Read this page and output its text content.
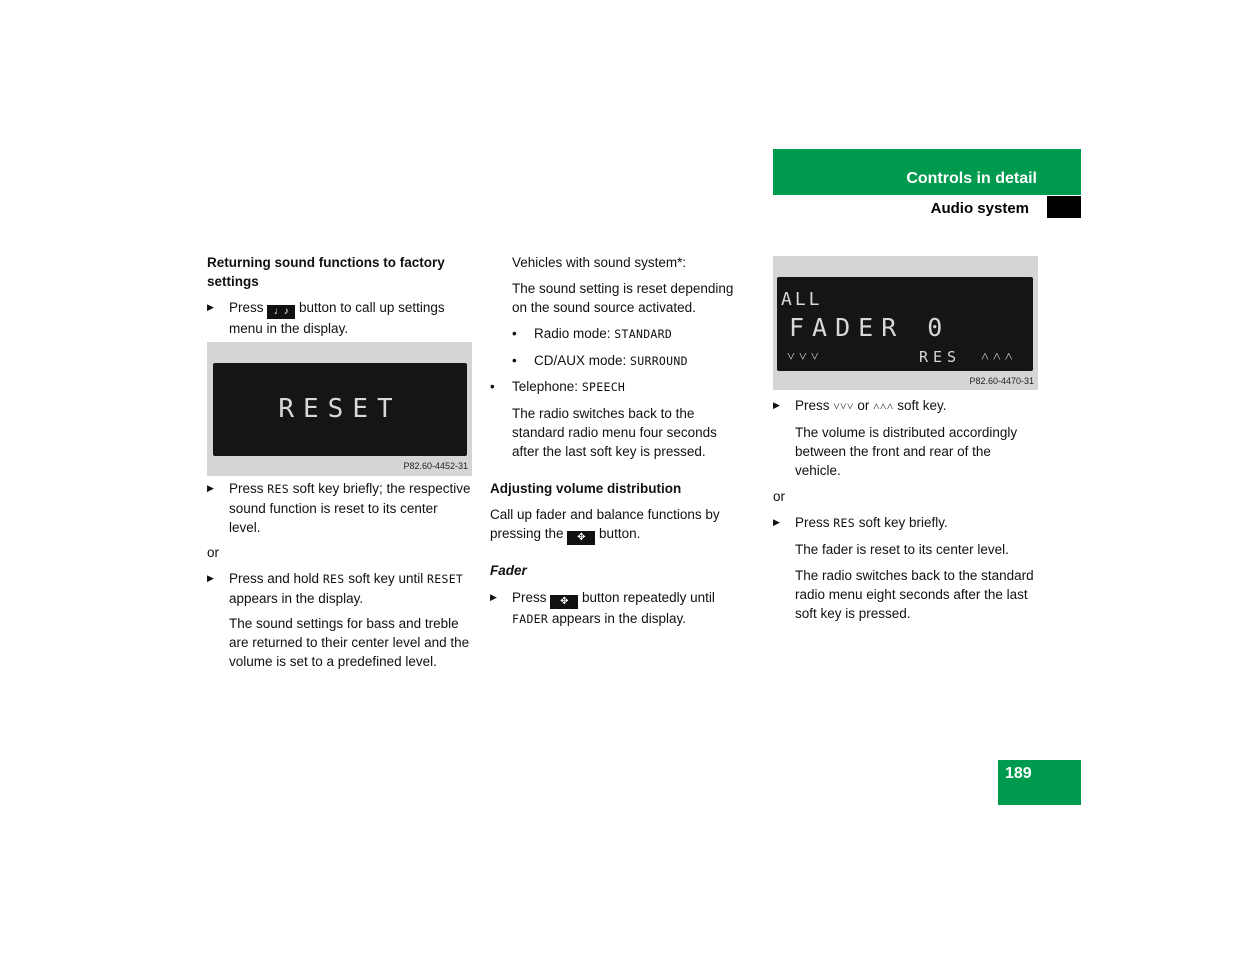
Controls in detail
Audio system
Returning sound functions to factory settings
▶ Press ♩♪ button to call up settings menu in the display.

RESET
P82.60-4452-31
▶ Press RES soft key briefly; the respective sound function is reset to its center level.

or
▶ Press and hold RES soft key until RESET appears in the display.

The sound settings for bass and treble are returned to their center level and the volume is set to a predefined level.

Vehicles with sound system*:

The sound setting is reset depending on the sound source activated.

• Radio mode: STANDARD
• CD/AUX mode: SURROUND
• Telephone: SPEECH

The radio switches back to the standard radio menu four seconds after the last soft key is pressed.

Adjusting volume distribution

Call up fader and balance functions by pressing the ✥ button.

Fader
▶ Press ✥ button repeatedly until FADER appears in the display.

ALL
FADER 0
˅˅˅	RES ˄˄˄
P82.60-4470-31
▶ Press ˅˅˅ or ˄˄˄ soft key.

The volume is distributed accordingly between the front and rear of the vehicle.

or
▶ Press RES soft key briefly.

The fader is reset to its center level.

The radio switches back to the standard radio menu eight seconds after the last soft key is pressed.

189
